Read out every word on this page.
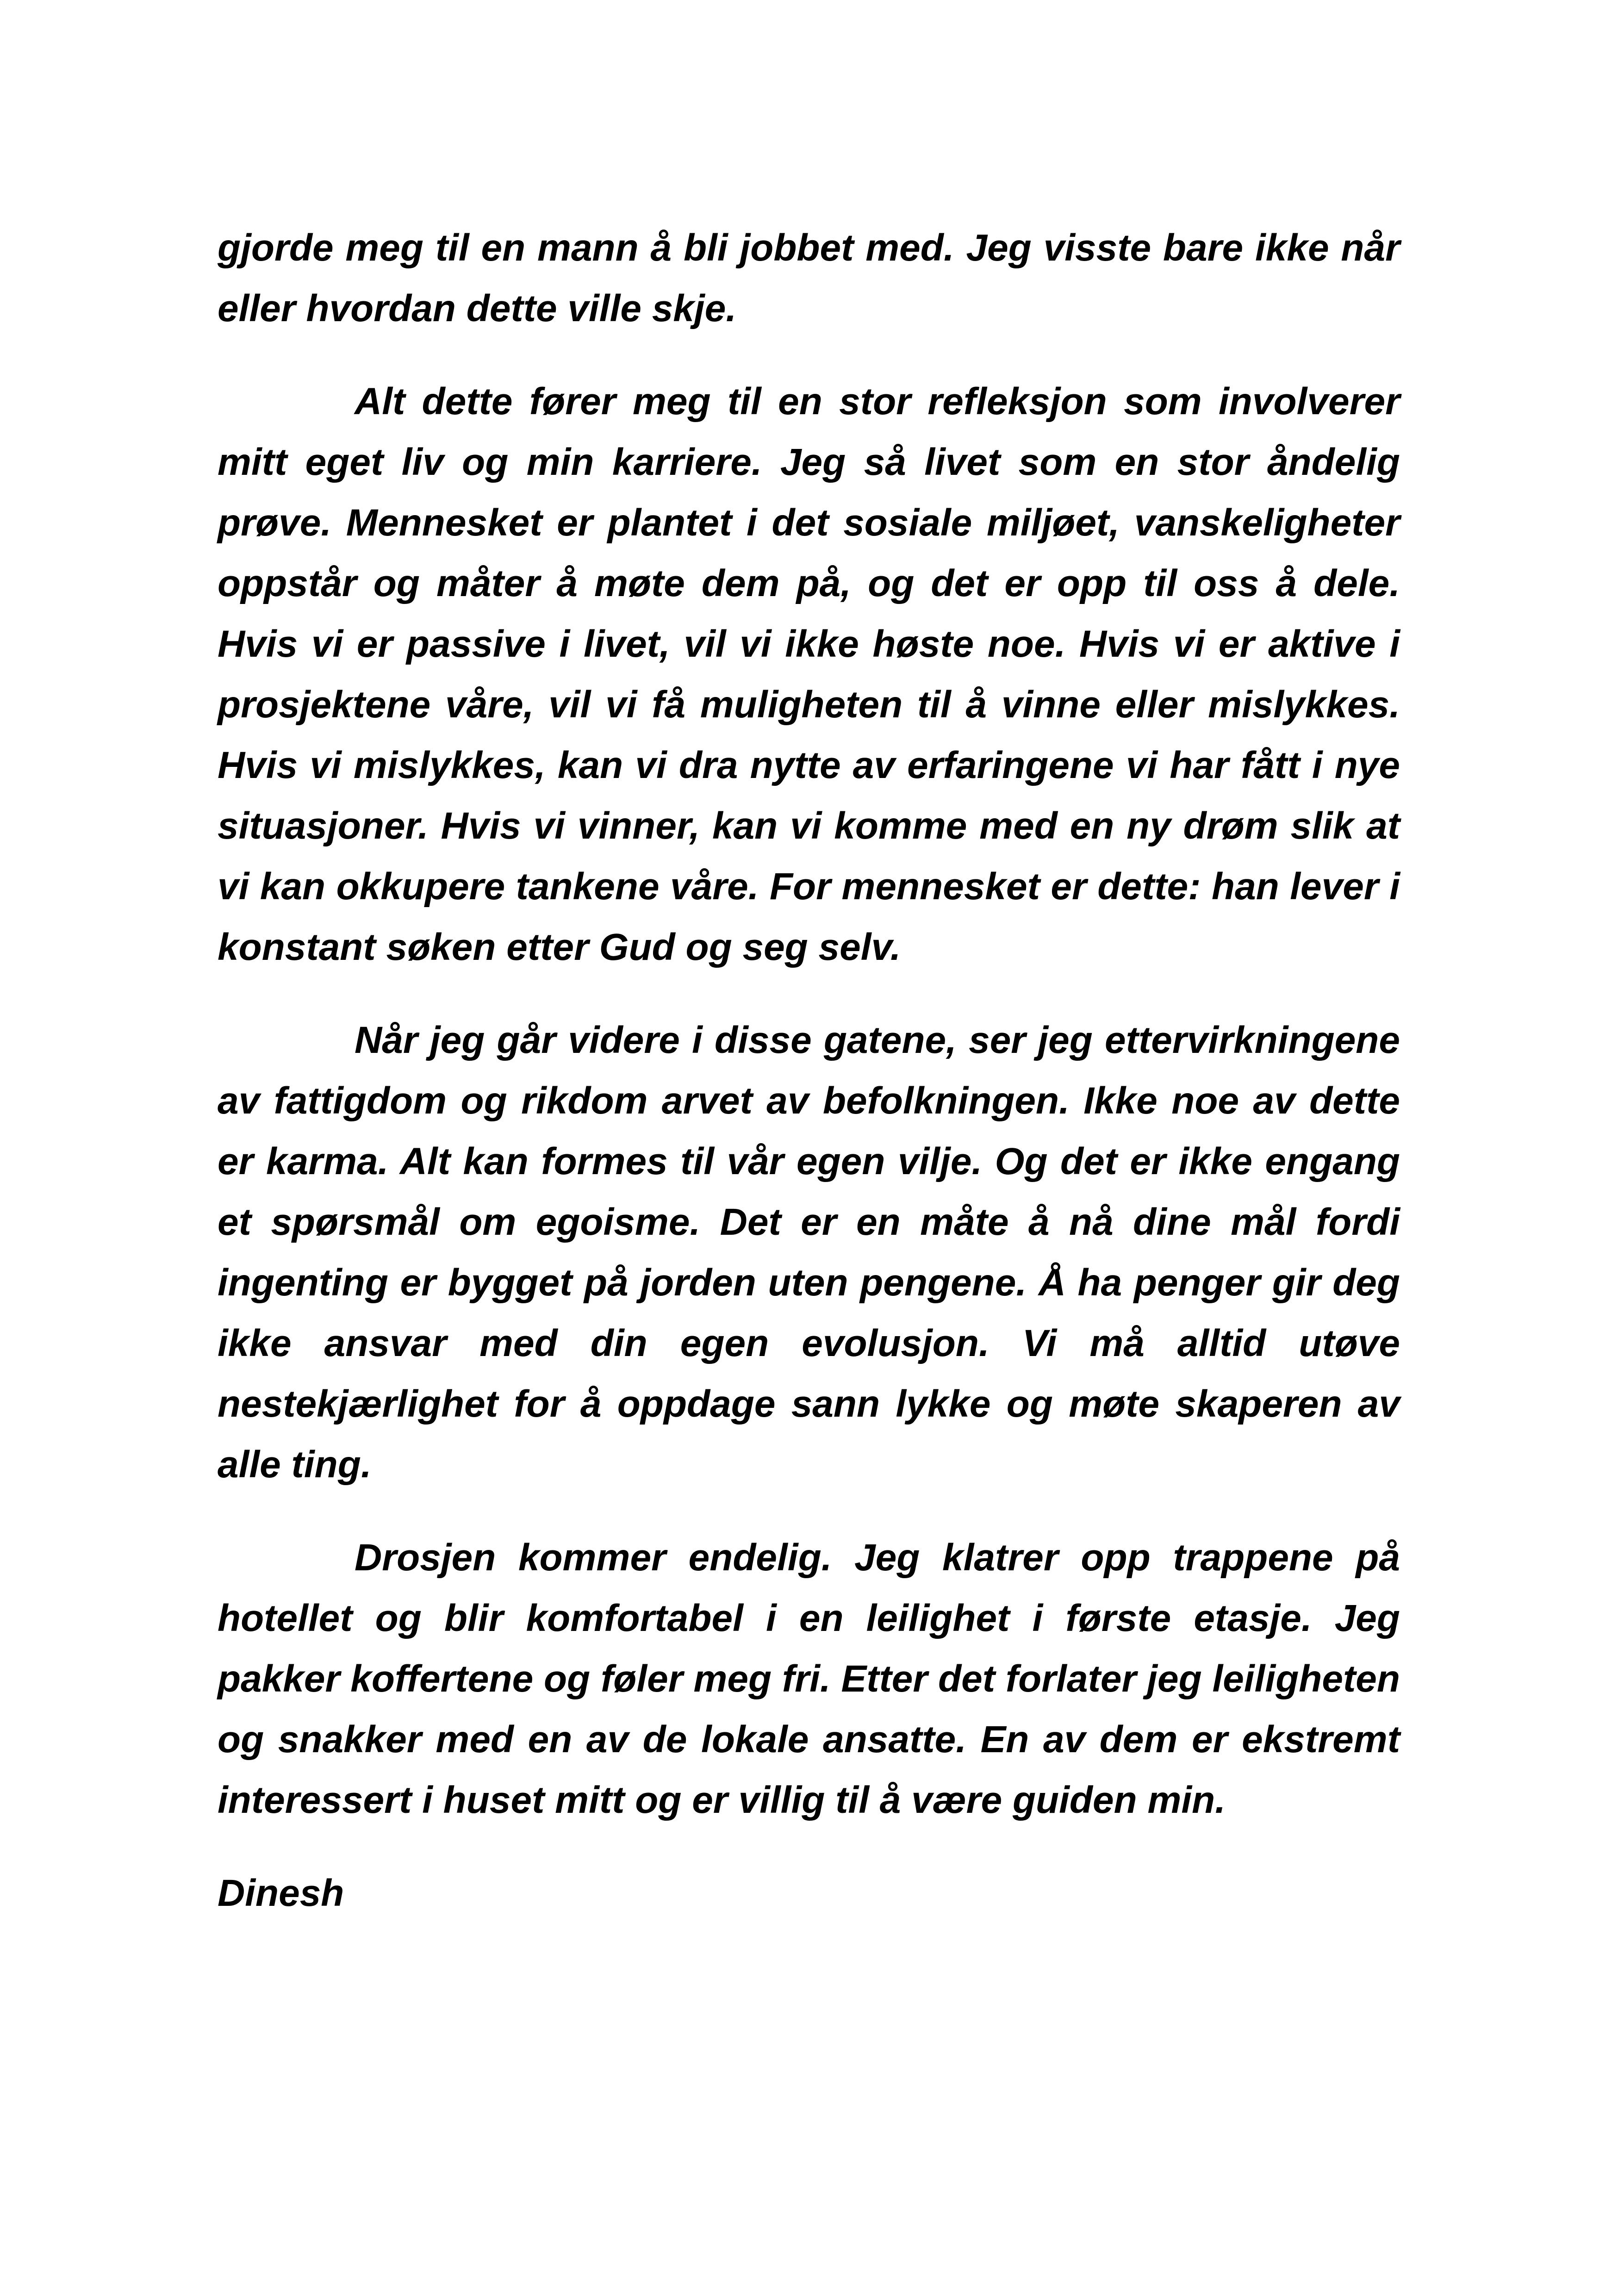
gjorde meg til en mann å bli jobbet med. Jeg visste bare ikke når eller hvordan dette ville skje.

Alt dette fører meg til en stor refleksjon som involverer mitt eget liv og min karriere. Jeg så livet som en stor åndelig prøve. Mennesket er plantet i det sosiale miljøet, vanskeligheter oppstår og måter å møte dem på, og det er opp til oss å dele. Hvis vi er passive i livet, vil vi ikke høste noe. Hvis vi er aktive i prosjektene våre, vil vi få muligheten til å vinne eller mislykkes. Hvis vi mislykkes, kan vi dra nytte av erfaringene vi har fått i nye situasjoner. Hvis vi vinner, kan vi komme med en ny drøm slik at vi kan okkupere tankene våre. For mennesket er dette: han lever i konstant søken etter Gud og seg selv.

Når jeg går videre i disse gatene, ser jeg ettervirkningene av fattigdom og rikdom arvet av befolkningen. Ikke noe av dette er karma. Alt kan formes til vår egen vilje. Og det er ikke engang et spørsmål om egoisme. Det er en måte å nå dine mål fordi ingenting er bygget på jorden uten pengene. Å ha penger gir deg ikke ansvar med din egen evolusjon. Vi må alltid utøve nestekjærlighet for å oppdage sann lykke og møte skaperen av alle ting.

Drosjen kommer endelig. Jeg klatrer opp trappene på hotellet og blir komfortabel i en leilighet i første etasje. Jeg pakker koffertene og føler meg fri. Etter det forlater jeg leiligheten og snakker med en av de lokale ansatte. En av dem er ekstremt interessert i huset mitt og er villig til å være guiden min.

Dinesh
